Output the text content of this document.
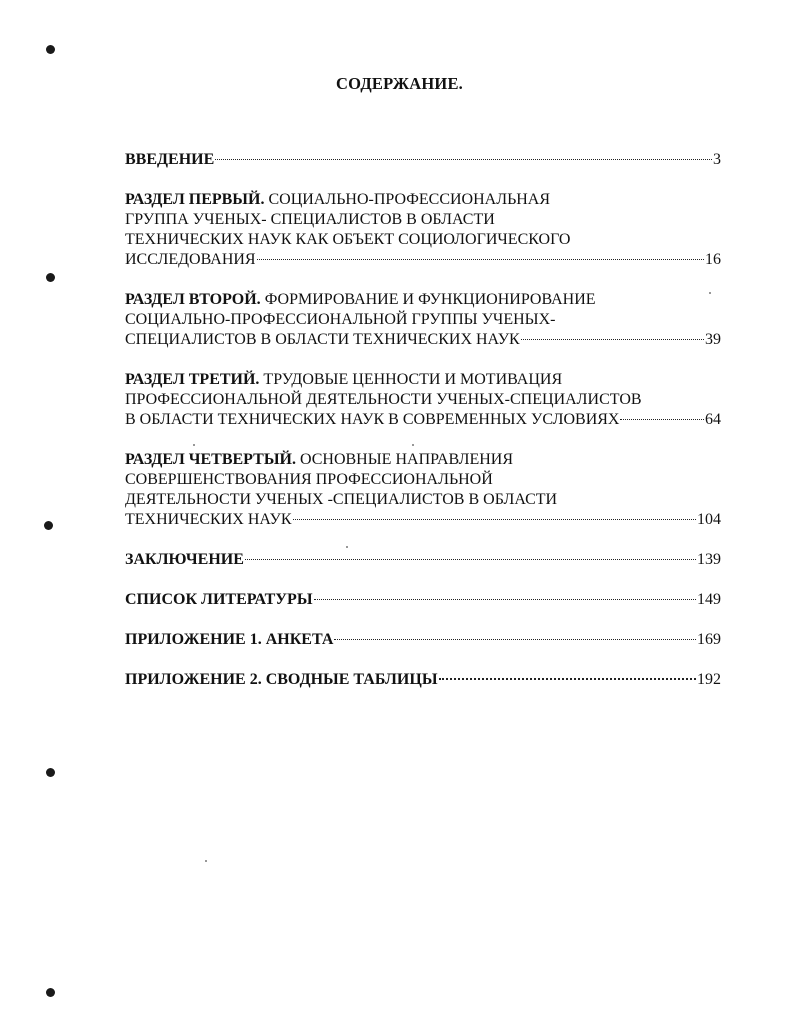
СОДЕРЖАНИЕ.
ВВЕДЕНИЕ	3
РАЗДЕЛ ПЕРВЫЙ. СОЦИАЛЬНО-ПРОФЕССИОНАЛЬНАЯ
ГРУППА УЧЕНЫХ- СПЕЦИАЛИСТОВ В ОБЛАСТИ
ТЕХНИЧЕСКИХ НАУК КАК ОБЪЕКТ СОЦИОЛОГИЧЕСКОГО
ИССЛЕДОВАНИЯ	16
РАЗДЕЛ ВТОРОЙ. ФОРМИРОВАНИЕ И ФУНКЦИОНИРОВАНИЕ
СОЦИАЛЬНО-ПРОФЕССИОНАЛЬНОЙ ГРУППЫ УЧЕНЫХ-
СПЕЦИАЛИСТОВ В ОБЛАСТИ ТЕХНИЧЕСКИХ НАУК	39
РАЗДЕЛ ТРЕТИЙ. ТРУДОВЫЕ ЦЕННОСТИ И МОТИВАЦИЯ
ПРОФЕССИОНАЛЬНОЙ ДЕЯТЕЛЬНОСТИ УЧЕНЫХ-СПЕЦИАЛИСТОВ
В ОБЛАСТИ ТЕХНИЧЕСКИХ НАУК В СОВРЕМЕННЫХ УСЛОВИЯХ	64
РАЗДЕЛ ЧЕТВЕРТЫЙ. ОСНОВНЫЕ НАПРАВЛЕНИЯ
СОВЕРШЕНСТВОВАНИЯ ПРОФЕССИОНАЛЬНОЙ
ДЕЯТЕЛЬНОСТИ УЧЕНЫХ -СПЕЦИАЛИСТОВ В ОБЛАСТИ
ТЕХНИЧЕСКИХ НАУК	104
ЗАКЛЮЧЕНИЕ	139
СПИСОК ЛИТЕРАТУРЫ	149
ПРИЛОЖЕНИЕ 1. АНКЕТА	169
ПРИЛОЖЕНИЕ 2. СВОДНЫЕ ТАБЛИЦЫ	192
